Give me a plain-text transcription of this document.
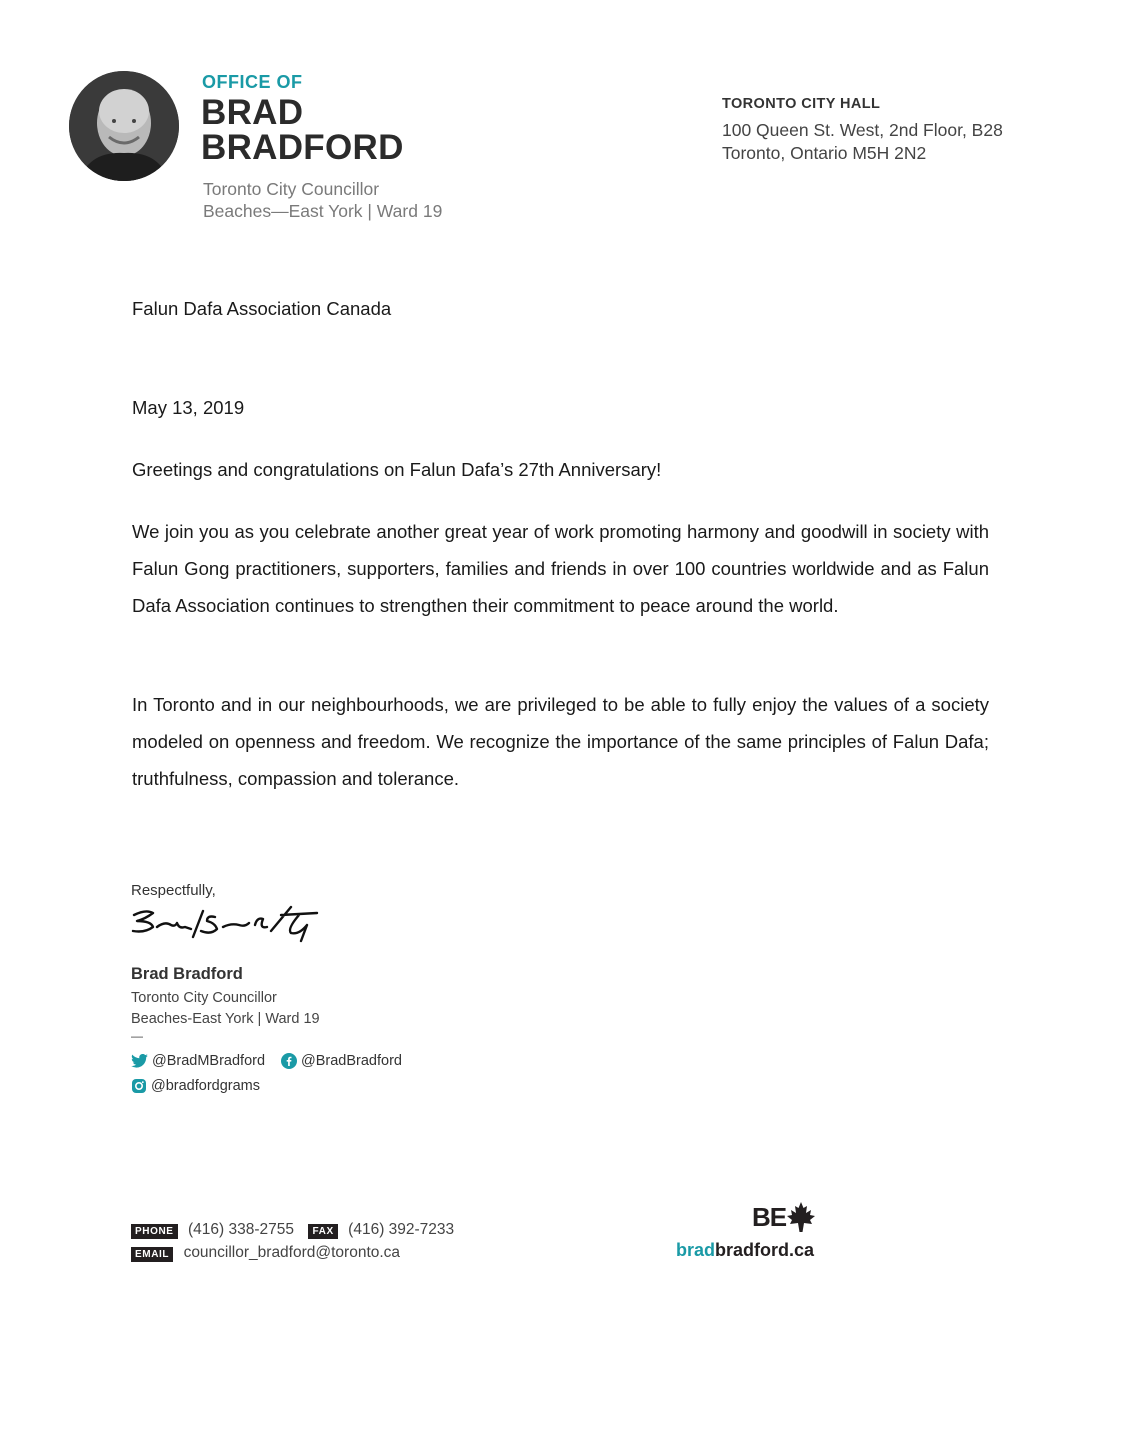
OFFICE OF
BRAD
BRADFORD
Toronto City Councillor
Beaches—East York | Ward 19
TORONTO CITY HALL
100 Queen St. West, 2nd Floor, B28
Toronto, Ontario M5H 2N2
Falun Dafa Association Canada
May 13, 2019
Greetings and congratulations on Falun Dafa’s 27th Anniversary!
We join you as you celebrate another great year of work promoting harmony and goodwill in society with Falun Gong practitioners, supporters, families and friends in over 100 countries worldwide and as Falun Dafa Association continues to strengthen their commitment to peace around the world.
In Toronto and in our neighbourhoods, we are privileged to be able to fully enjoy the values of a society modeled on openness and freedom. We recognize the importance of the same principles of Falun Dafa; truthfulness, compassion and tolerance.
Respectfully,
Brad Bradford
Toronto City Councillor
Beaches-East York | Ward 19
—
@BradMBradford @BradBradford
@bradfordgrams
PHONE (416) 338-2755 FAX (416) 392-7233
EMAIL councillor_bradford@toronto.ca
BE
bradbradford.ca
